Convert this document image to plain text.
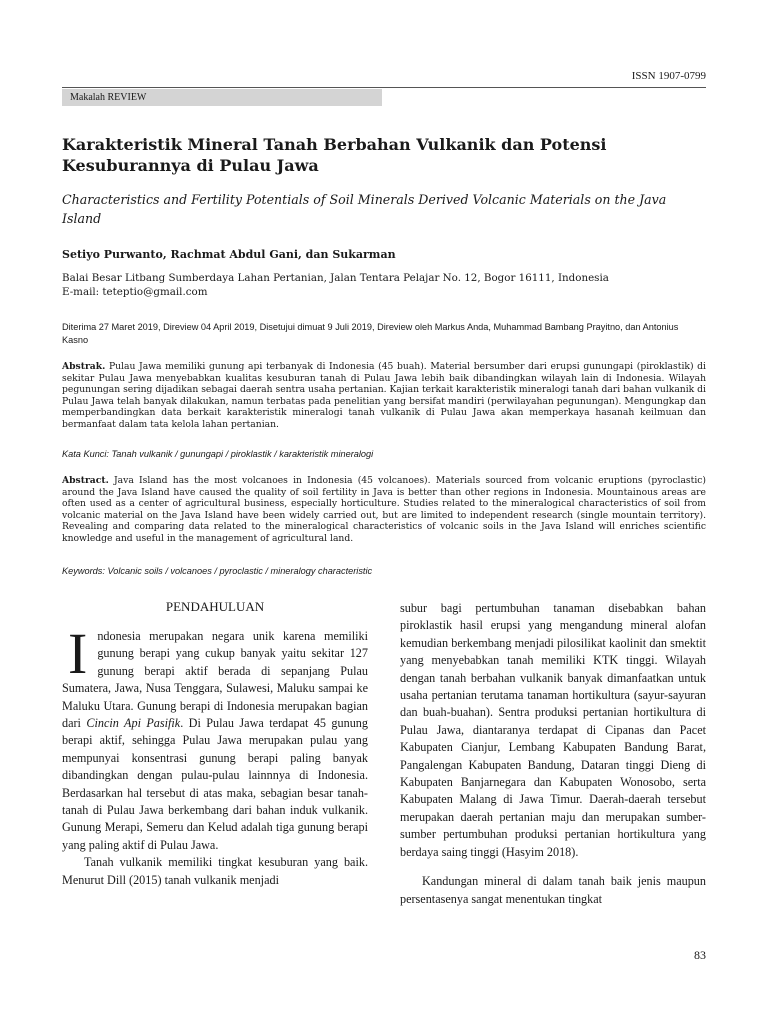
ISSN 1907-0799
Makalah REVIEW
Karakteristik Mineral Tanah Berbahan Vulkanik dan Potensi Kesuburannya di Pulau Jawa

Characteristics and Fertility Potentials of Soil Minerals Derived Volcanic Materials on the Java Island

Setiyo Purwanto, Rachmat Abdul Gani, dan Sukarman
Balai Besar Litbang Sumberdaya Lahan Pertanian, Jalan Tentara Pelajar No. 12, Bogor 16111, Indonesia
E-mail: teteptio@gmail.com
Diterima 27 Maret 2019, Direview 04 April 2019, Disetujui dimuat 9 Juli 2019, Direview oleh Markus Anda, Muhammad Bambang Prayitno, dan Antonius Kasno

Abstrak. Pulau Jawa memiliki gunung api terbanyak di Indonesia (45 buah). Material bersumber dari erupsi gunungapi (piroklastik) di sekitar Pulau Jawa menyebabkan kualitas kesuburan tanah di Pulau Jawa lebih baik dibandingkan wilayah lain di Indonesia. Wilayah pegunungan sering dijadikan sebagai daerah sentra usaha pertanian. Kajian terkait karakteristik mineralogi tanah dari bahan vulkanik di Pulau Jawa telah banyak dilakukan, namun terbatas pada penelitian yang bersifat mandiri (perwilayahan pegunungan). Mengungkap dan memperbandingkan data berkait karakteristik mineralogi tanah vulkanik di Pulau Jawa akan memperkaya hasanah keilmuan dan bermanfaat dalam tata kelola lahan pertanian.

Kata Kunci: Tanah vulkanik / gunungapi / piroklastik / karakteristik mineralogi

Abstract. Java Island has the most volcanoes in Indonesia (45 volcanoes). Materials sourced from volcanic eruptions (pyroclastic) around the Java Island have caused the quality of soil fertility in Java is better than other regions in Indonesia. Mountainous areas are often used as a center of agricultural business, especially horticulture. Studies related to the mineralogical characteristics of soil from volcanic material on the Java Island have been widely carried out, but are limited to independent research (single mountain territory). Revealing and comparing data related to the mineralogical characteristics of volcanic soils in the Java Island will enriches scientific knowledge and useful in the management of agricultural land.

Keywords: Volcanic soils / volcanoes / pyroclastic / mineralogy characteristic
PENDAHULUAN

Indonesia merupakan negara unik karena memiliki gunung berapi yang cukup banyak yaitu sekitar 127 gunung berapi aktif berada di sepanjang Pulau Sumatera, Jawa, Nusa Tenggara, Sulawesi, Maluku sampai ke Maluku Utara. Gunung berapi di Indonesia merupakan bagian dari Cincin Api Pasifik. Di Pulau Jawa terdapat 45 gunung berapi aktif, sehingga Pulau Jawa merupakan pulau yang mempunyai konsentrasi gunung berapi paling banyak dibandingkan dengan pulau-pulau lainnnya di Indonesia. Berdasarkan hal tersebut di atas maka, sebagian besar tanah-tanah di Pulau Jawa berkembang dari bahan induk vulkanik. Gunung Merapi, Semeru dan Kelud adalah tiga gunung berapi yang paling aktif di Pulau Jawa.

Tanah vulkanik memiliki tingkat kesuburan yang baik. Menurut Dill (2015) tanah vulkanik menjadi

subur bagi pertumbuhan tanaman disebabkan bahan piroklastik hasil erupsi yang mengandung mineral alofan kemudian berkembang menjadi pilosilikat kaolinit dan smektit yang menyebabkan tanah memiliki KTK tinggi. Wilayah dengan tanah berbahan vulkanik banyak dimanfaatkan untuk usaha pertanian terutama tanaman hortikultura (sayur-sayuran dan buah-buahan). Sentra produksi pertanian hortikultura di Pulau Jawa, diantaranya terdapat di Cipanas dan Pacet Kabupaten Cianjur, Lembang Kabupaten Bandung Barat, Pangalengan Kabupaten Bandung, Dataran tinggi Dieng di Kabupaten Banjarnegara dan Kabupaten Wonosobo, serta Kabupaten Malang di Jawa Timur. Daerah-daerah tersebut merupakan daerah pertanian maju dan merupakan sumber-sumber pertumbuhan produksi pertanian hortikultura yang berdaya saing tinggi (Hasyim 2018).

Kandungan mineral di dalam tanah baik jenis maupun persentasenya sangat menentukan tingkat

83
